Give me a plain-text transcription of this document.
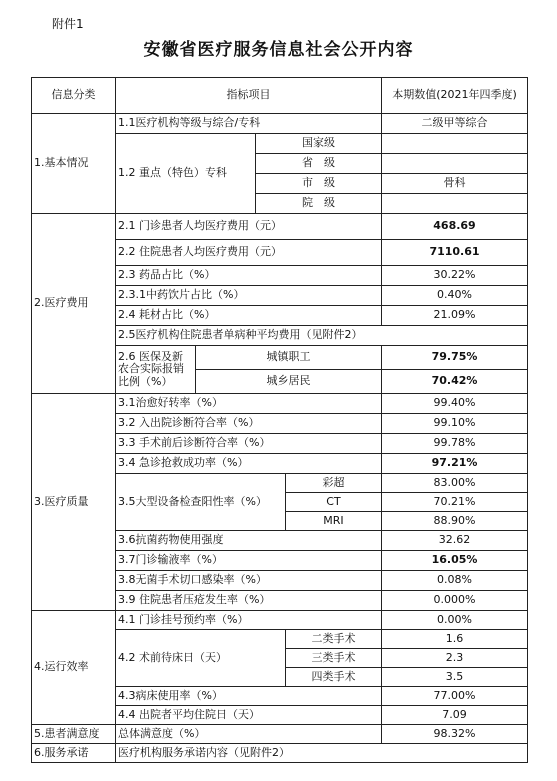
附件1
安徽省医疗服务信息社会公开内容
信息分类	指标项目				本期数值(2021年四季度)
1.基本情况	1.1医疗机构等级与综合/专科				二级甲等综合
	1.2 重点（特色）专科		国家级		
			省　级		
			市　级		骨科
			院　级		
2.医疗费用	2.1 门诊患者人均医疗费用（元）				468.69
	2.2 住院患者人均医疗费用（元）				7110.61
	2.3 药品占比（%）				30.22%
	2.3.1中药饮片占比（%）				0.40%
	2.4 耗材占比（%）				21.09%
	2.5医疗机构住院患者单病种平均费用（见附件2）				
	2.6 医保及新农合实际报销比例（%）	城镇职工			79.75%
		城乡居民			70.42%
3.医疗质量	3.1治愈好转率（%）				99.40%
	3.2 入出院诊断符合率（%）				99.10%
	3.3 手术前后诊断符合率（%）				99.78%
	3.4 急诊抢救成功率（%）				97.21%
	3.5大型设备检查阳性率（%）			彩超	83.00%
				CT	70.21%
				MRI	88.90%
	3.6抗菌药物使用强度				32.62
	3.7门诊输液率（%）				16.05%
	3.8无菌手术切口感染率（%）				0.08%
	3.9 住院患者压疮发生率（%）				0.000%
4.运行效率	4.1 门诊挂号预约率（%）				0.00%
	4.2 术前待床日（天）			二类手术	1.6
				三类手术	2.3
				四类手术	3.5
	4.3病床使用率（%）				77.00%
	4.4 出院者平均住院日（天）				7.09
5.患者满意度	总体满意度（%）				98.32%
6.服务承诺	医疗机构服务承诺内容（见附件2）				
